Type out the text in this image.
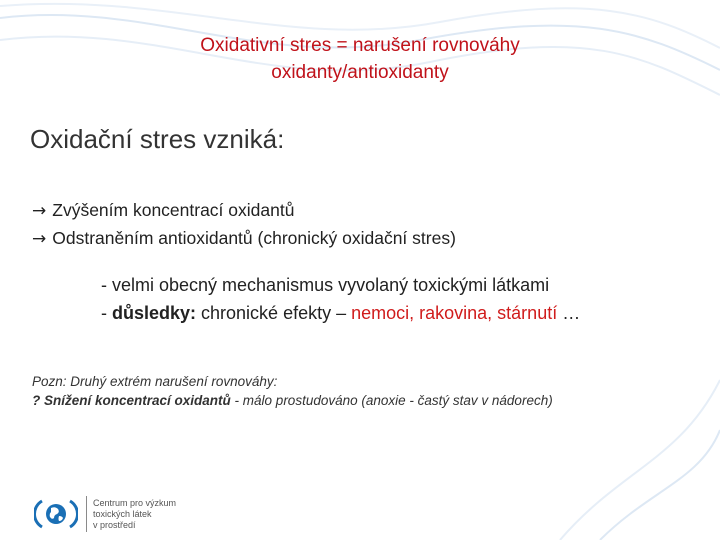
Oxidativní stres = narušení rovnováhy
oxidanty/antioxidanty
Oxidační stres vzniká:
→ Zvýšením koncentrací oxidantů
→ Odstraněním antioxidantů (chronický oxidační stres)
- velmi obecný mechanismus vyvolaný toxickými látkami
- důsledky: chronické efekty – nemoci, rakovina, stárnutí …
Pozn: Druhý extrém narušení rovnováhy:
? Snížení koncentrací oxidantů - málo prostudováno (anoxie - častý stav v nádorech)
Centrum pro výzkum
toxických látek
v prostředí
